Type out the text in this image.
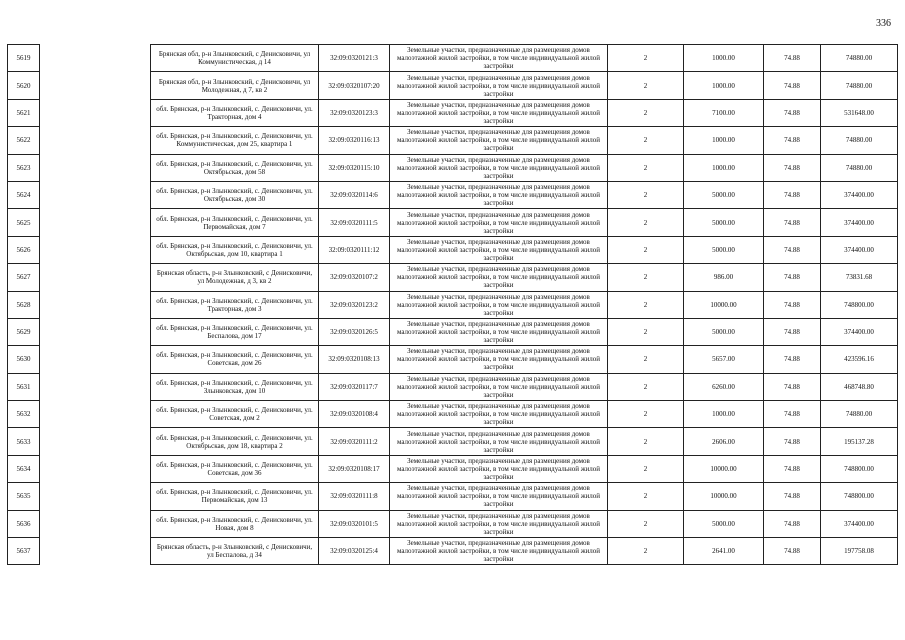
336
5619		Брянская обл, р-н Злынковский, с Денисковичи, ул Коммунистическая, д 14	32:09:0320121:3	Земельные участки, предназначенные для размещения домов малоэтажной жилой застройки, в том числе индивидуальной жилой застройки	2	1000.00	74.88	74880.00
5620		Брянская обл, р-н Злынковский, с Денисковичи, ул Молодежная, д 7, кв 2	32:09:0320107:20	Земельные участки, предназначенные для размещения домов малоэтажной жилой застройки, в том числе индивидуальной жилой застройки	2	1000.00	74.88	74880.00
5621		обл. Брянская, р-н Злынковский, с. Денисковичи, ул. Тракторная, дом 4	32:09:0320123:3	Земельные участки, предназначенные для размещения домов малоэтажной жилой застройки, в том числе индивидуальной жилой застройки	2	7100.00	74.88	531648.00
5622		обл. Брянская, р-н Злынковский, с. Денисковичи, ул. Коммунистическая, дом 25, квартира 1	32:09:0320116:13	Земельные участки, предназначенные для размещения домов малоэтажной жилой застройки, в том числе индивидуальной жилой застройки	2	1000.00	74.88	74880.00
5623		обл. Брянская, р-н Злынковский, с. Денисковичи, ул. Октябрьская, дом 58	32:09:0320115:10	Земельные участки, предназначенные для размещения домов малоэтажной жилой застройки, в том числе индивидуальной жилой застройки	2	1000.00	74.88	74880.00
5624		обл. Брянская, р-н Злынковский, с. Денисковичи, ул. Октябрьская, дом 30	32:09:0320114:6	Земельные участки, предназначенные для размещения домов малоэтажной жилой застройки, в том числе индивидуальной жилой застройки	2	5000.00	74.88	374400.00
5625		обл. Брянская, р-н Злынковский, с. Денисковичи, ул. Первомайская, дом 7	32:09:0320111:5	Земельные участки, предназначенные для размещения домов малоэтажной жилой застройки, в том числе индивидуальной жилой застройки	2	5000.00	74.88	374400.00
5626		обл. Брянская, р-н Злынковский, с. Денисковичи, ул. Октябрьская, дом 10, квартира 1	32:09:0320111:12	Земельные участки, предназначенные для размещения домов малоэтажной жилой застройки, в том числе индивидуальной жилой застройки	2	5000.00	74.88	374400.00
5627		Брянская область, р-н Злынковский, с Денисковичи, ул Молодежная, д 3, кв 2	32:09:0320107:2	Земельные участки, предназначенные для размещения домов малоэтажной жилой застройки, в том числе индивидуальной жилой застройки	2	986.00	74.88	73831.68
5628		обл. Брянская, р-н Злынковский, с. Денисковичи, ул. Тракторная, дом 3	32:09:0320123:2	Земельные участки, предназначенные для размещения домов малоэтажной жилой застройки, в том числе индивидуальной жилой застройки	2	10000.00	74.88	748800.00
5629		обл. Брянская, р-н Злынковский, с. Денисковичи, ул. Беспалова, дом 17	32:09:0320126:5	Земельные участки, предназначенные для размещения домов малоэтажной жилой застройки, в том числе индивидуальной жилой застройки	2	5000.00	74.88	374400.00
5630		обл. Брянская, р-н Злынковский, с. Денисковичи, ул. Советская, дом 26	32:09:0320108:13	Земельные участки, предназначенные для размещения домов малоэтажной жилой застройки, в том числе индивидуальной жилой застройки	2	5657.00	74.88	423596.16
5631		обл. Брянская, р-н Злынковский, с. Денисковичи, ул. Злынковская, дом 10	32:09:0320117:7	Земельные участки, предназначенные для размещения домов малоэтажной жилой застройки, в том числе индивидуальной жилой застройки	2	6260.00	74.88	468748.80
5632		обл. Брянская, р-н Злынковский, с. Денисковичи, ул. Советская, дом 2	32:09:0320108:4	Земельные участки, предназначенные для размещения домов малоэтажной жилой застройки, в том числе индивидуальной жилой застройки	2	1000.00	74.88	74880.00
5633		обл. Брянская, р-н Злынковский, с. Денисковичи, ул. Октябрьская, дом 18, квартира 2	32:09:0320111:2	Земельные участки, предназначенные для размещения домов малоэтажной жилой застройки, в том числе индивидуальной жилой застройки	2	2606.00	74.88	195137.28
5634		обл. Брянская, р-н Злынковский, с. Денисковичи, ул. Советская, дом 36	32:09:0320108:17	Земельные участки, предназначенные для размещения домов малоэтажной жилой застройки, в том числе индивидуальной жилой застройки	2	10000.00	74.88	748800.00
5635		обл. Брянская, р-н Злынковский, с. Денисковичи, ул. Первомайская, дом 13	32:09:0320111:8	Земельные участки, предназначенные для размещения домов малоэтажной жилой застройки, в том числе индивидуальной жилой застройки	2	10000.00	74.88	748800.00
5636		обл. Брянская, р-н Злынковский, с. Денисковичи, ул. Новая, дом 8	32:09:0320101:5	Земельные участки, предназначенные для размещения домов малоэтажной жилой застройки, в том числе индивидуальной жилой застройки	2	5000.00	74.88	374400.00
5637		Брянская область, р-н Злынковский, с Денисковичи, ул Беспалова, д 34	32:09:0320125:4	Земельные участки, предназначенные для размещения домов малоэтажной жилой застройки, в том числе индивидуальной жилой застройки	2	2641.00	74.88	197758.08
